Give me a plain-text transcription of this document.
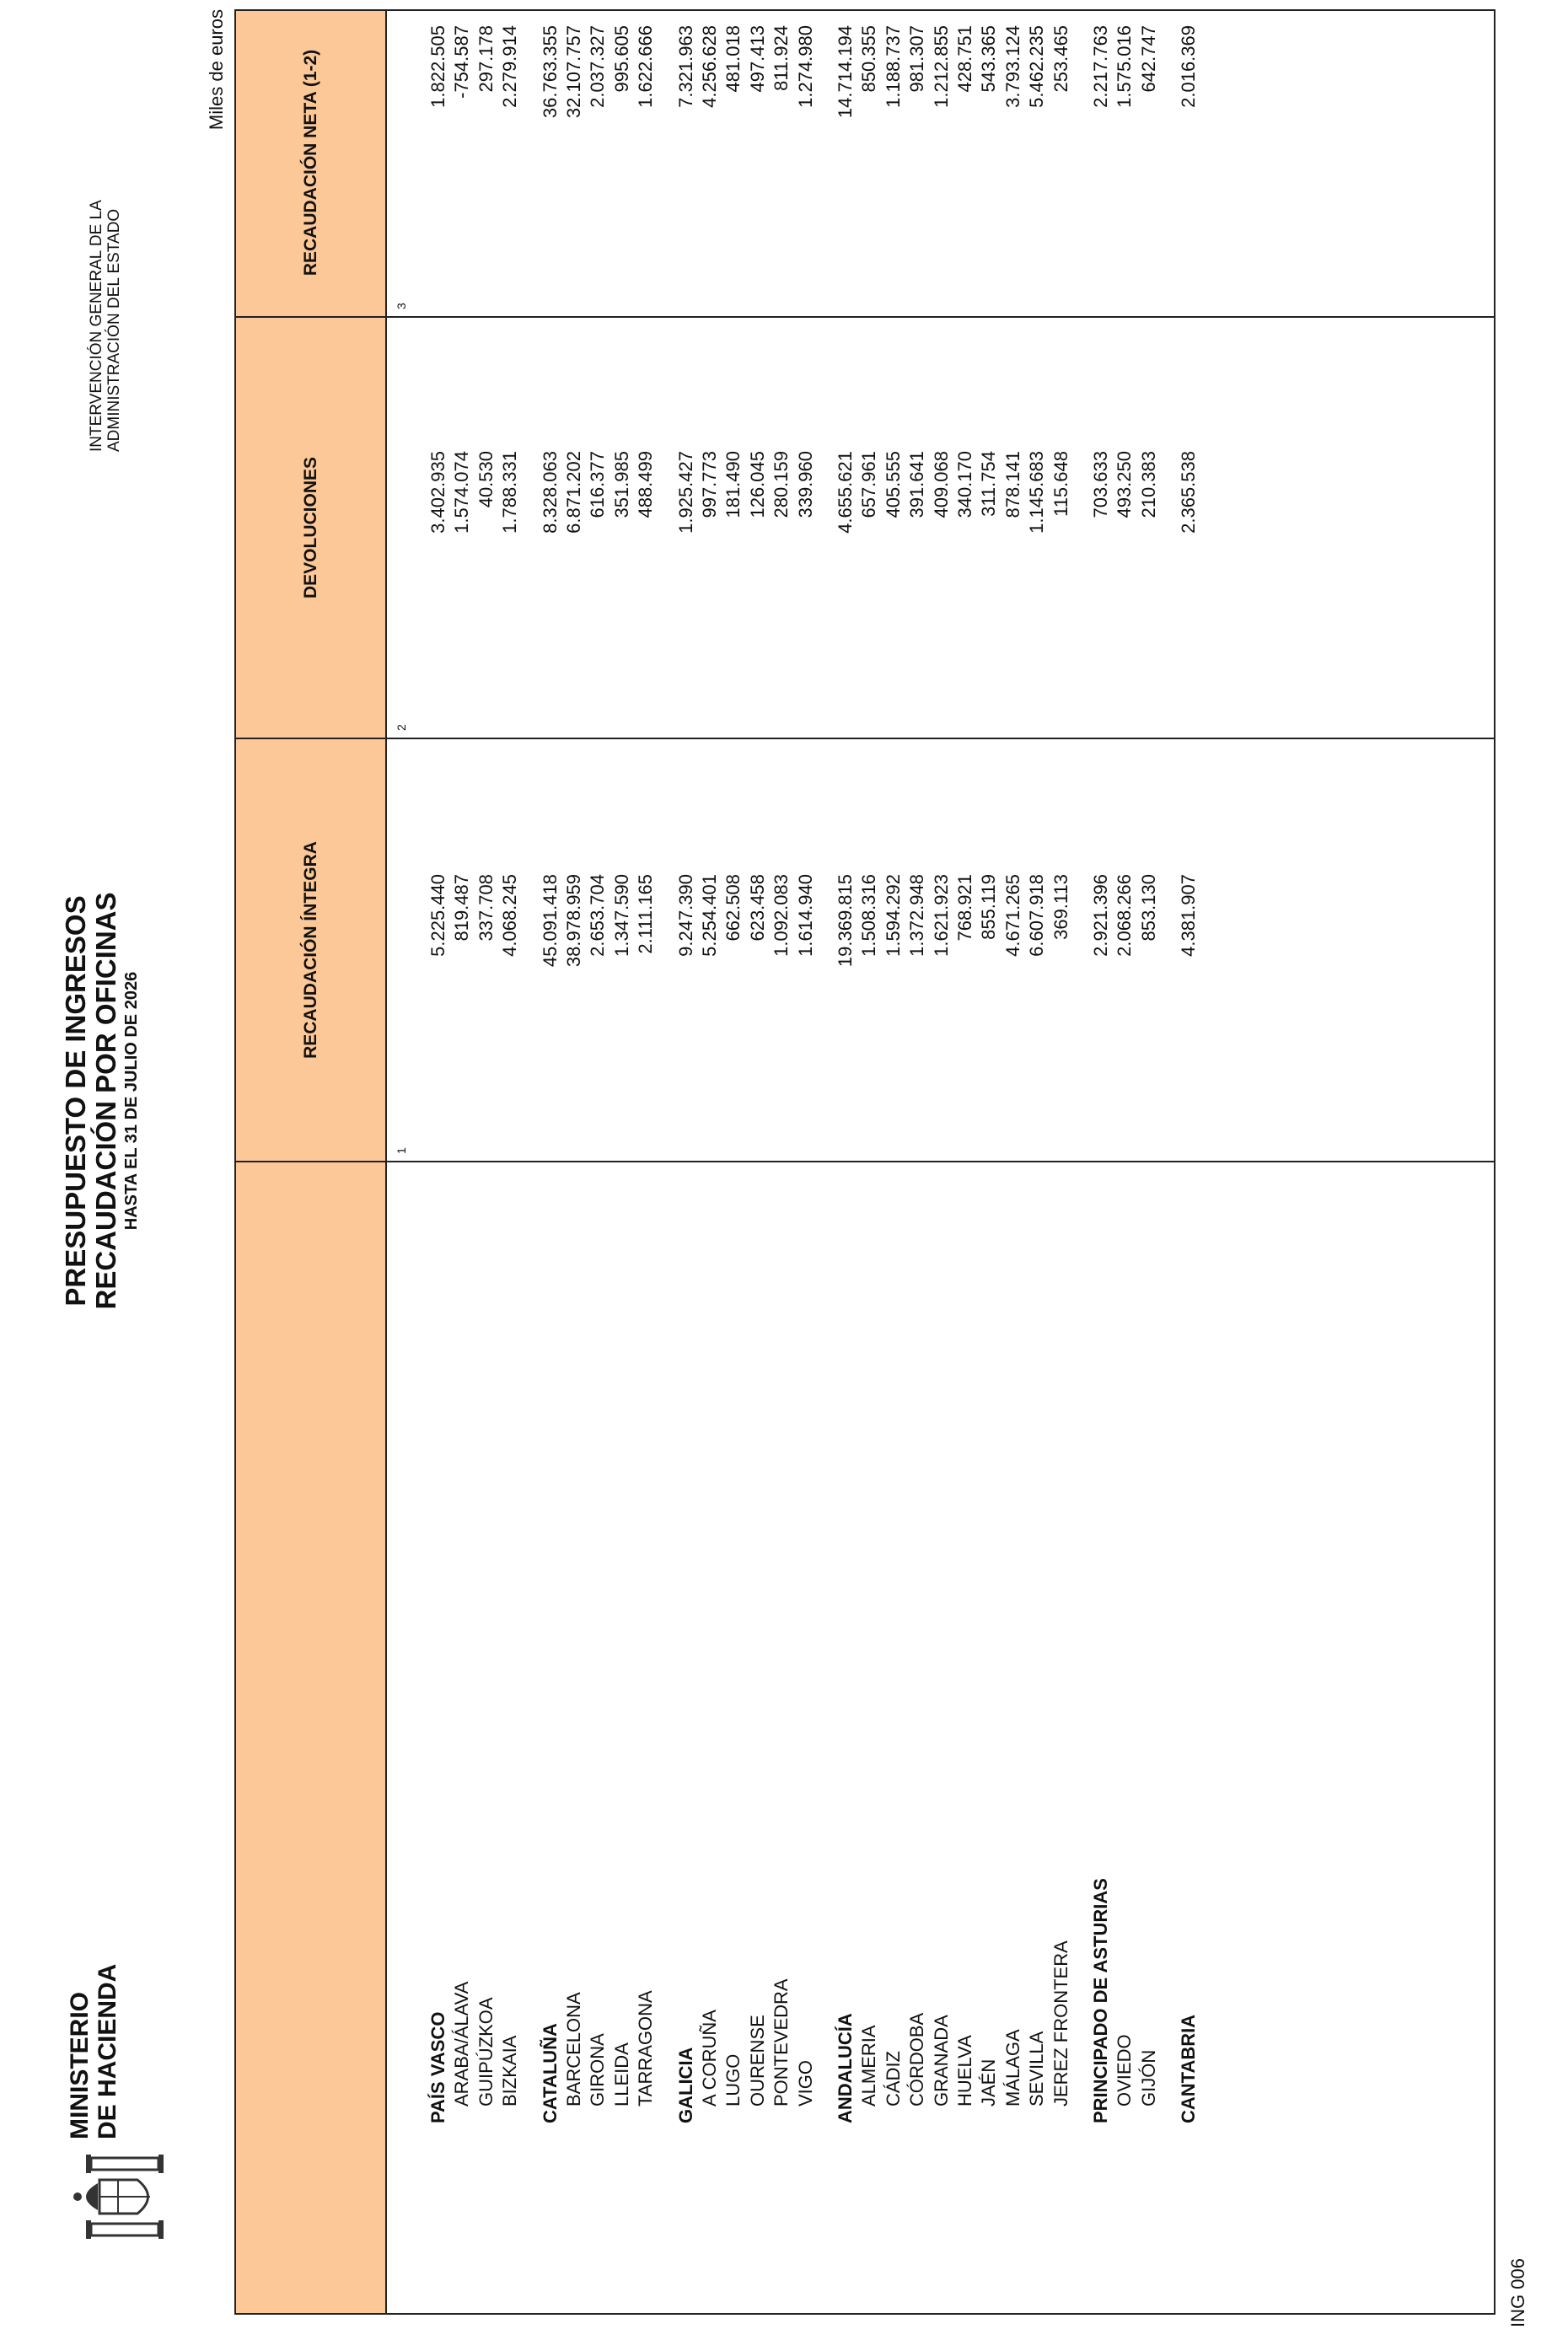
MINISTERIO DE HACIENDA
PRESUPUESTO DE INGRESOS RECAUDACIÓN POR OFICINAS HASTA EL 31 DE JULIO DE 2026
INTERVENCIÓN GENERAL DE LA ADMINISTRACIÓN DEL ESTADO
Miles de euros
RECAUDACIÓN ÍNTEGRA
DEVOLUCIONES
RECAUDACIÓN NETA (1-2)
1
2
3
PAÍS VASCO
5.225.440
3.402.935
1.822.505
ARABA/ÁLAVA
819.487
1.574.074
-754.587
GUIPÚZKOA
337.708
40.530
297.178
BIZKAIA
4.068.245
1.788.331
2.279.914
CATALUÑA
45.091.418
8.328.063
36.763.355
BARCELONA
38.978.959
6.871.202
32.107.757
GIRONA
2.653.704
616.377
2.037.327
LLEIDA
1.347.590
351.985
995.605
TARRAGONA
2.111.165
488.499
1.622.666
GALICIA
9.247.390
1.925.427
7.321.963
A CORUÑA
5.254.401
997.773
4.256.628
LUGO
662.508
181.490
481.018
OURENSE
623.458
126.045
497.413
PONTEVEDRA
1.092.083
280.159
811.924
VIGO
1.614.940
339.960
1.274.980
ANDALUCÍA
19.369.815
4.655.621
14.714.194
ALMERIA
1.508.316
657.961
850.355
CÁDIZ
1.594.292
405.555
1.188.737
CÓRDOBA
1.372.948
391.641
981.307
GRANADA
1.621.923
409.068
1.212.855
HUELVA
768.921
340.170
428.751
JAÉN
855.119
311.754
543.365
MÁLAGA
4.671.265
878.141
3.793.124
SEVILLA
6.607.918
1.145.683
5.462.235
JEREZ FRONTERA
369.113
115.648
253.465
PRINCIPADO DE ASTURIAS
2.921.396
703.633
2.217.763
OVIEDO
2.068.266
493.250
1.575.016
GIJÓN
853.130
210.383
642.747
CANTABRIA
4.381.907
2.365.538
2.016.369
ING 006
